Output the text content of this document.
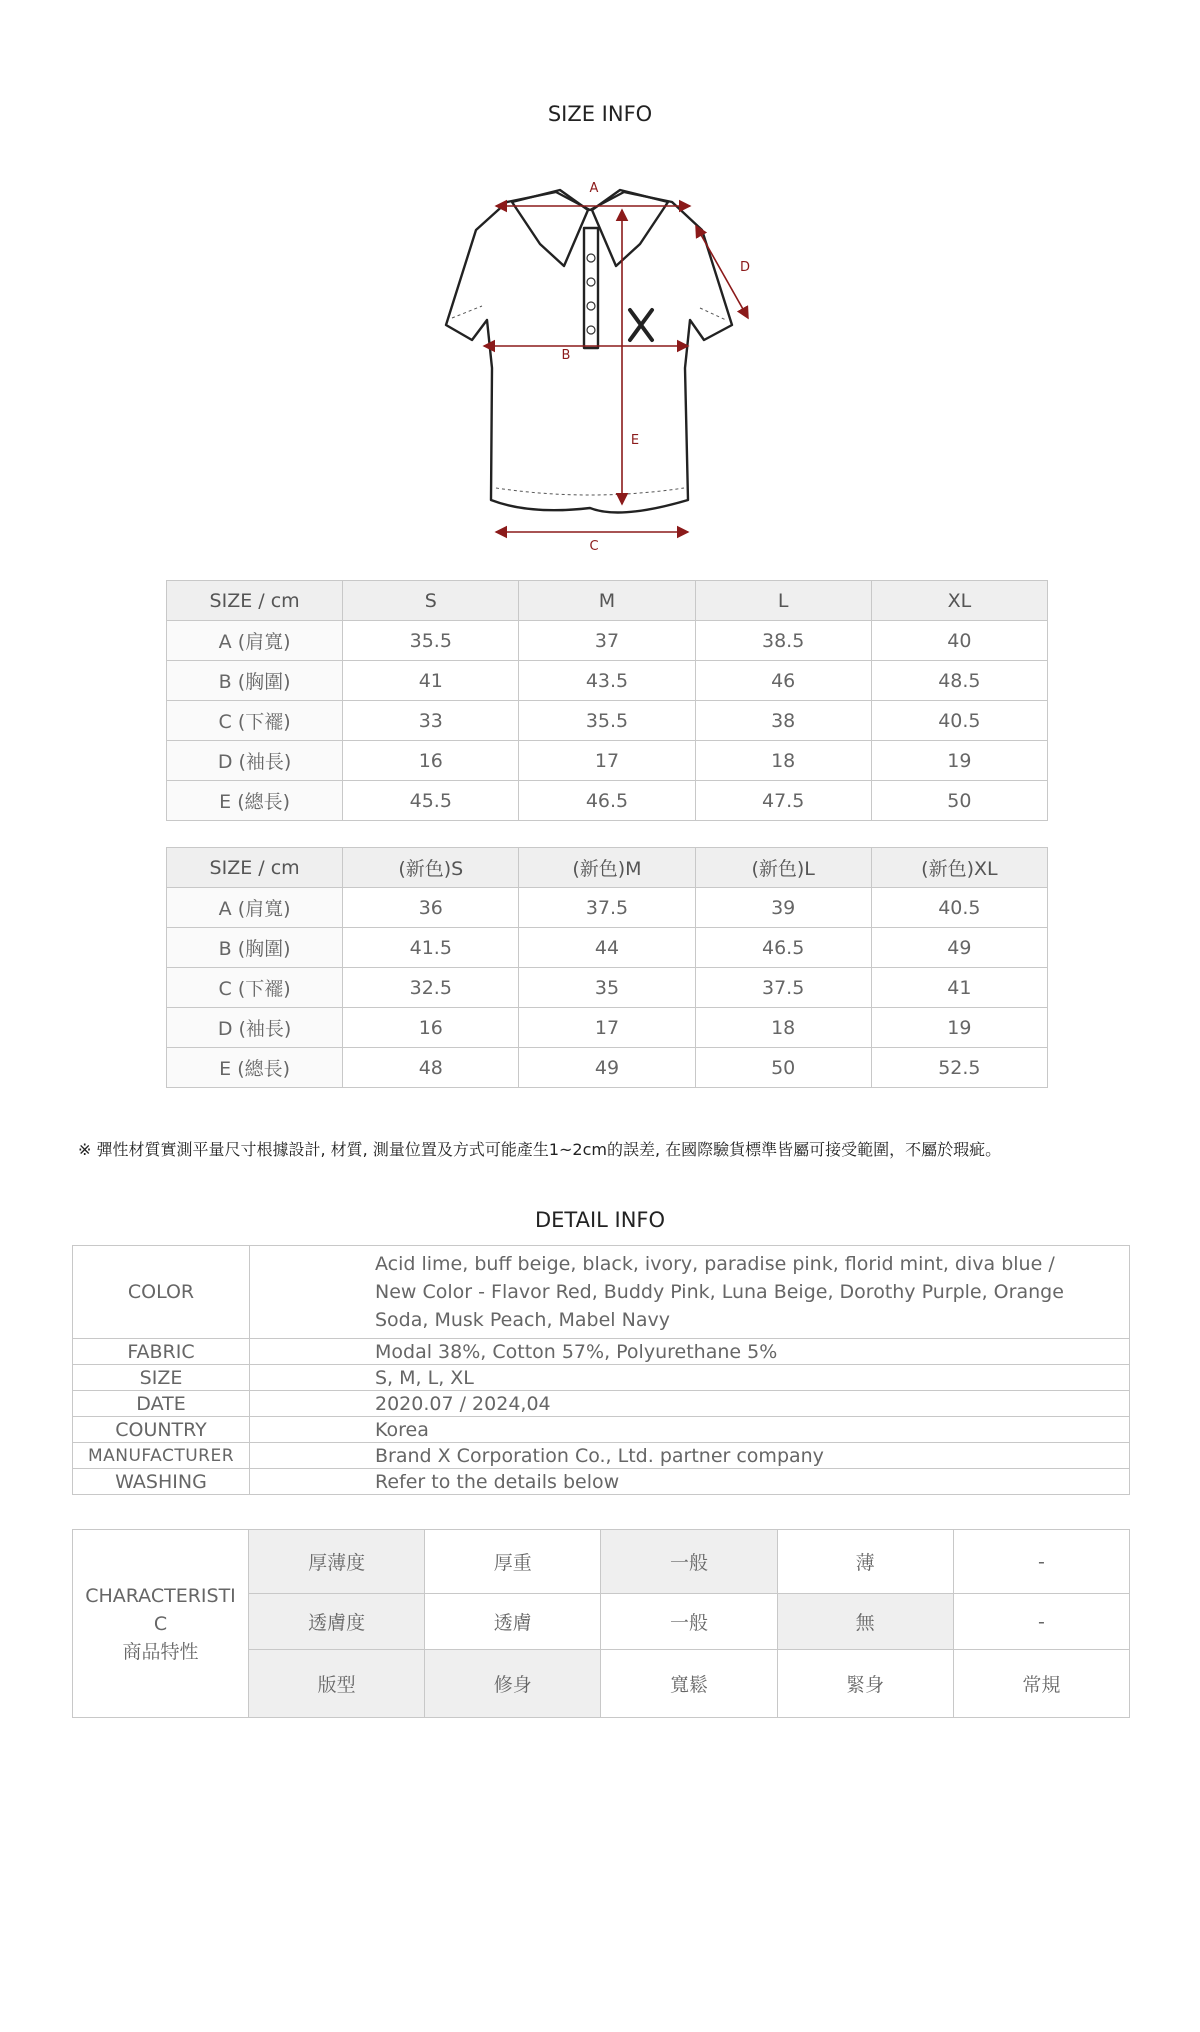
SIZE INFO
A
B
C
D
E
SIZE / cm	S	M	L	XL
A (肩寬)	35.5	37	38.5	40
B (胸圍)	41	43.5	46	48.5
C (下襬)	33	35.5	38	40.5
D (袖長)	16	17	18	19
E (總長)	45.5	46.5	47.5	50
SIZE / cm	(新色)S	(新色)M	(新色)L	(新色)XL
A (肩寬)	36	37.5	39	40.5
B (胸圍)	41.5	44	46.5	49
C (下襬)	32.5	35	37.5	41
D (袖長)	16	17	18	19
E (總長)	48	49	50	52.5
※ 彈性材質實測平量尺寸根據設計, 材質, 測量位置及方式可能產生1~2cm的誤差, 在國際驗貨標準皆屬可接受範圍，不屬於瑕疵。
DETAIL INFO
COLOR	Acid lime, buff beige, black, ivory, paradise pink, florid mint, diva blue /
New Color - Flavor Red, Buddy Pink, Luna Beige, Dorothy Purple, Orange
Soda, Musk Peach, Mabel Navy

FABRIC	Modal 38%, Cotton 57%, Polyurethane 5%
SIZE	S, M, L, XL
DATE	2020.07 / 2024,04
COUNTRY	Korea
MANUFACTURER	Brand X Corporation Co., Ltd. partner company
WASHING	Refer to the details below
CHARACTERISTI
C
商品特性	厚薄度	厚重	一般	薄	-
	透膚度	透膚	一般	無	-
	版型	修身	寬鬆	緊身	常規
